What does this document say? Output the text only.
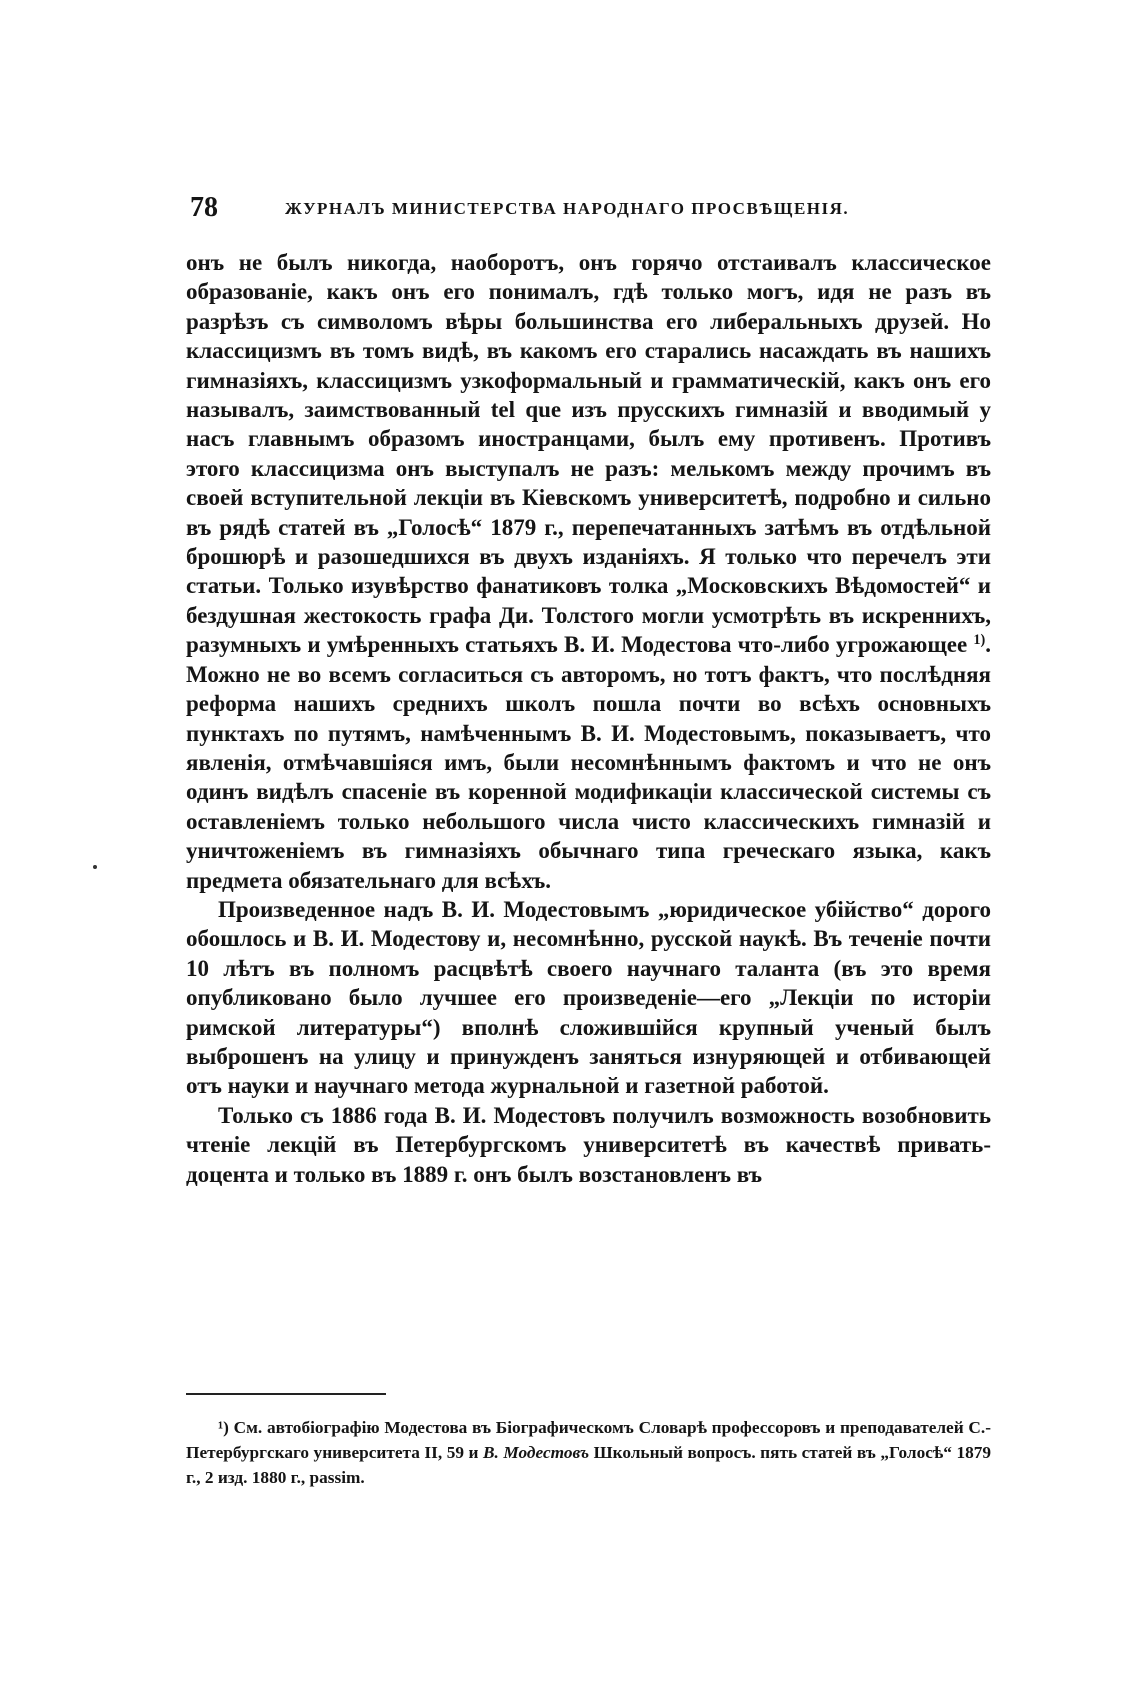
78	ЖУРНАЛЪ МИНИСТЕРСТВА НАРОДНАГО ПРОСВѢЩЕНІЯ.

онъ не былъ никогда, наоборотъ, онъ горячо отстаивалъ классическое образованіе, какъ онъ его понималъ, гдѣ только могъ, идя не разъ въ разрѣзъ съ символомъ вѣры большинства его либеральныхъ друзей. Но классицизмъ въ томъ видѣ, въ какомъ его старались насаждать въ нашихъ гимназіяхъ, классицизмъ узкоформальный и грамматическій, какъ онъ его называлъ, заимствованный tel que изъ прусскихъ гимназій и вводимый у насъ главнымъ образомъ иностранцами, былъ ему противенъ. Противъ этого классицизма онъ выступалъ не разъ: мелькомъ между прочимъ въ своей вступительной лекціи въ Кіевскомъ университетѣ, подробно и сильно въ рядѣ статей въ „Голосѣ“ 1879 г., перепечатанныхъ затѣмъ въ отдѣльной брошюрѣ и разошедшихся въ двухъ изданіяхъ. Я только что перечелъ эти статьи. Только изувѣрство фанатиковъ толка „Московскихъ Вѣдомостей“ и бездушная жестокость графа Ди. Толстого могли усмотрѣть въ искреннихъ, разумныхъ и умѣренныхъ статьяхъ В. И. Модестова что-либо угрожающее $^{1)}$. Можно не во всемъ согласиться съ авторомъ, но тотъ фактъ, что послѣдняя реформа нашихъ среднихъ школъ пошла почти во всѣхъ основныхъ пунктахъ по путямъ, намѣченнымъ В. И. Модестовымъ, показываетъ, что явленія, отмѣчавшіяся имъ, были несомнѣннымъ фактомъ и что не онъ одинъ видѣлъ спасеніе въ коренной модификаціи классической системы съ оставленіемъ только небольшого числа чисто классическихъ гимназій и уничтоженіемъ въ гимназіяхъ обычнаго типа греческаго языка, какъ предмета обязательнаго для всѣхъ.

Произведенное надъ В. И. Модестовымъ „юридическое убійство“ дорого обошлось и В. И. Модестову и, несомнѣнно, русской наукѣ. Въ теченіе почти 10 лѣтъ въ полномъ расцвѣтѣ своего научнаго таланта (въ это время опубликовано было лучшее его произведеніе—его „Лекціи по исторіи римской литературы“) вполнѣ сложившійся крупный ученый былъ выброшенъ на улицу и принужденъ заняться изнуряющей и отбивающей отъ науки и научнаго метода журнальной и газетной работой.

Только съ 1886 года В. И. Модестовъ получилъ возможность возобновить чтеніе лекцій въ Петербургскомъ университетѣ въ качествѣ привать-доцента и только въ 1889 г. онъ былъ возстановленъ въ

¹) См. автобіографію Модестова въ Біографическомъ Словарѣ профессоровъ и преподавателей С.-Петербургскаго университета II, 59 и В. Модестовъ Школьный вопросъ. пять статей въ „Голосѣ“ 1879 г., 2 изд. 1880 г., passim.
